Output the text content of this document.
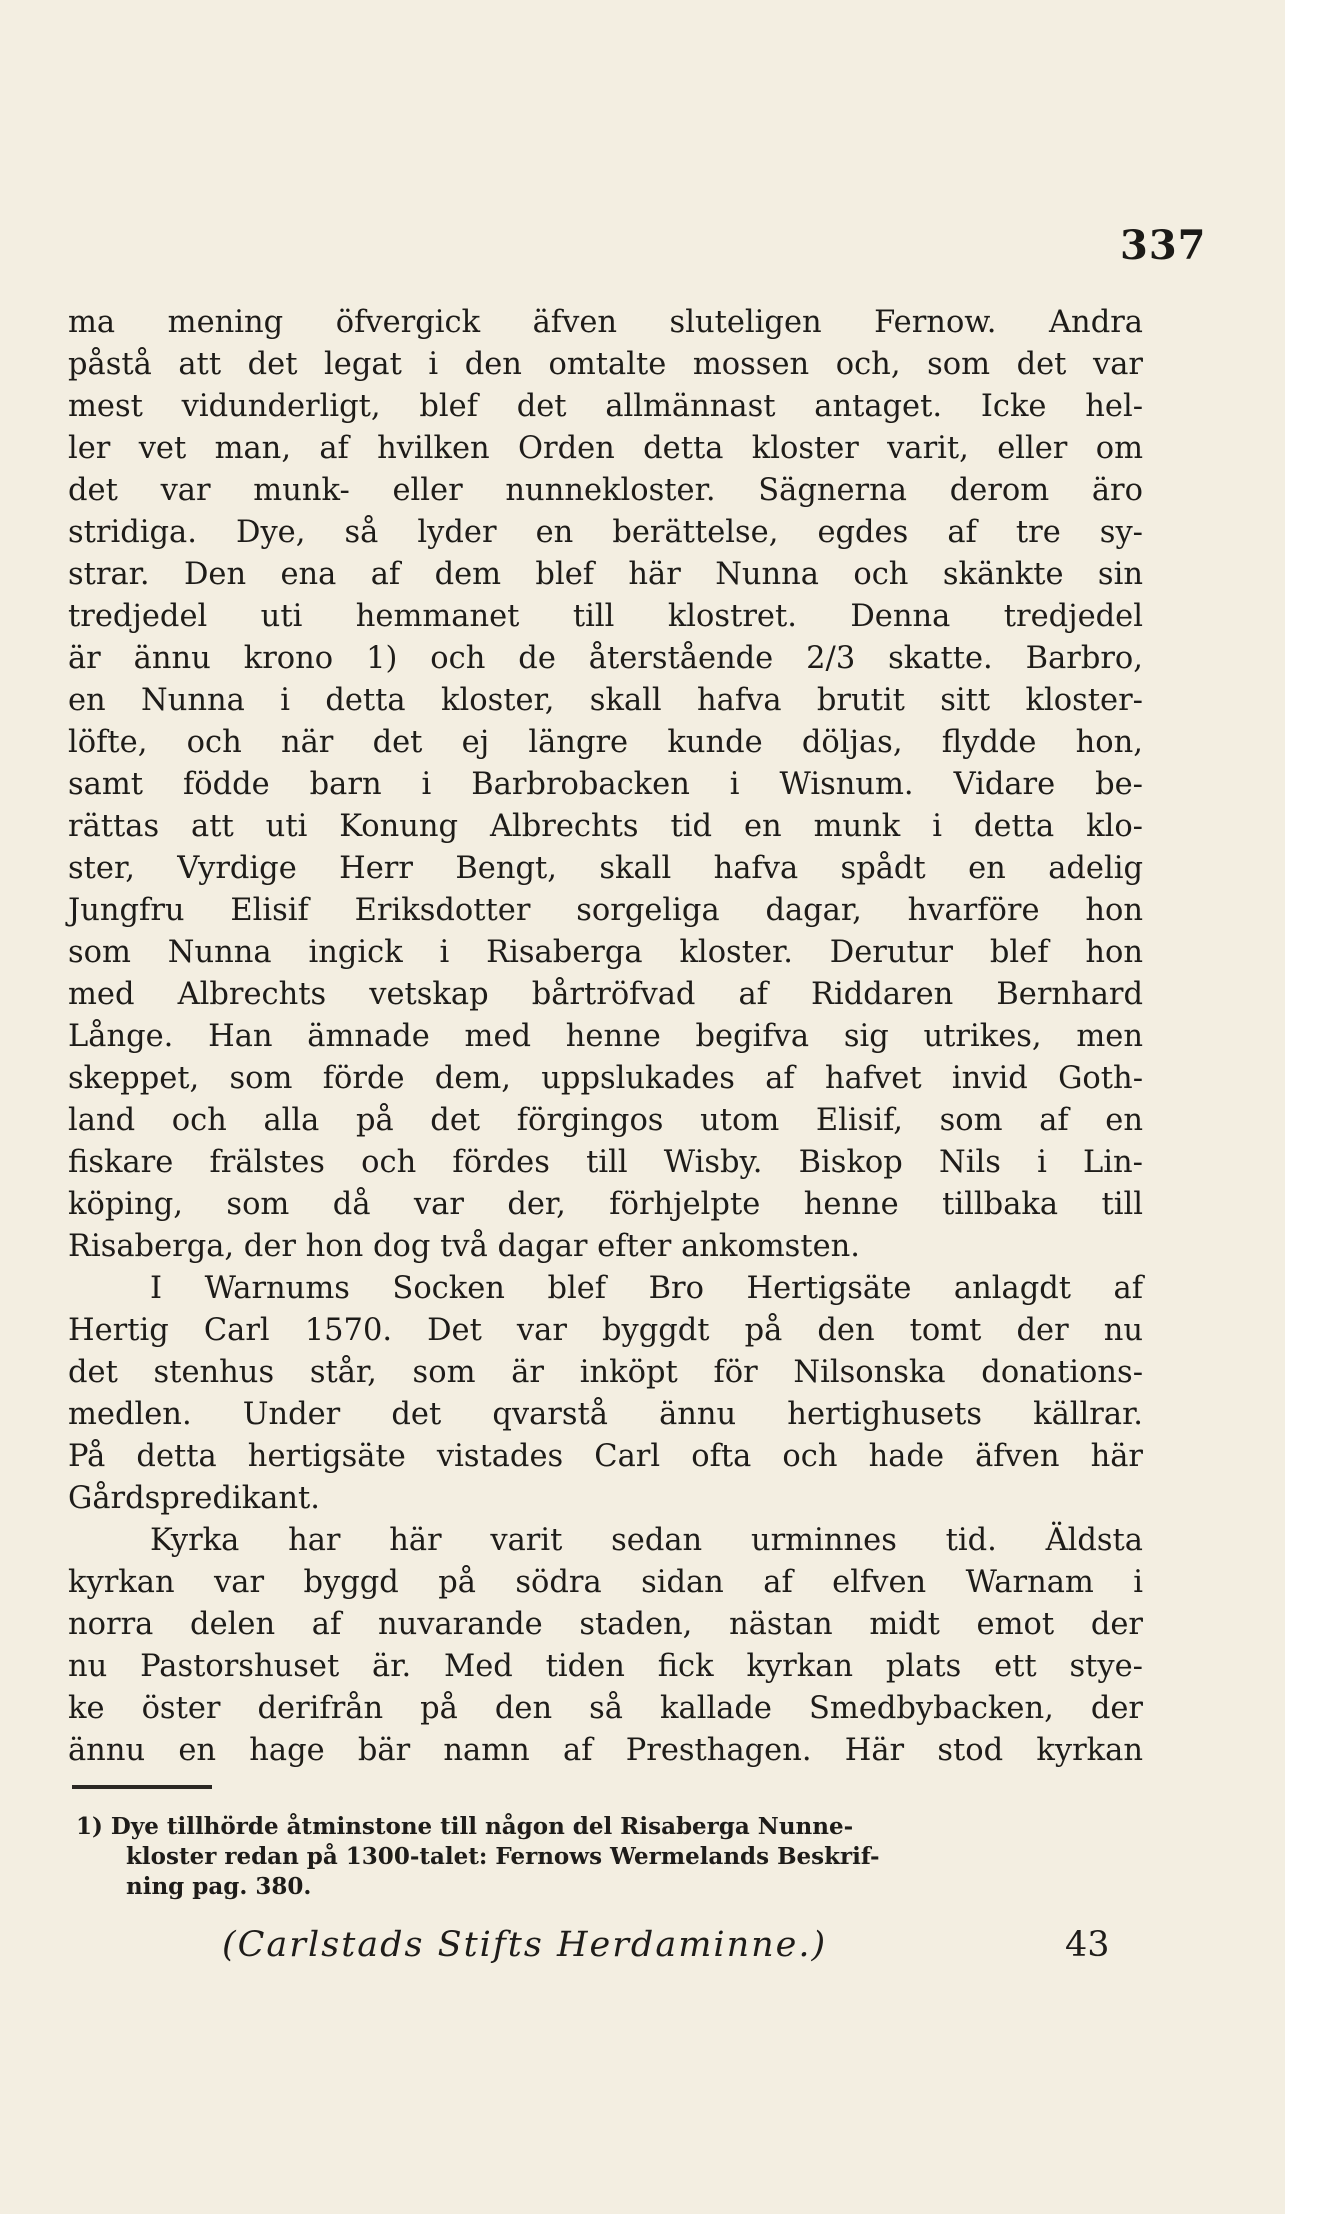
337
ma mening öfvergick äfven sluteligen Fernow. Andra
påstå att det legat i den omtalte mossen och, som det var
mest vidunderligt, blef det allmännast antaget. Icke hel-
ler vet man, af hvilken Orden detta kloster varit, eller om
det var munk- eller nunnekloster. Sägnerna derom äro
stridiga. Dye, så lyder en berättelse, egdes af tre sy-
strar. Den ena af dem blef här Nunna och skänkte sin
tredjedel uti hemmanet till klostret. Denna tredjedel
är ännu krono 1) och de återstående 2/3 skatte. Barbro,
en Nunna i detta kloster, skall hafva brutit sitt kloster-
löfte, och när det ej längre kunde döljas, flydde hon,
samt födde barn i Barbrobacken i Wisnum. Vidare be-
rättas att uti Konung Albrechts tid en munk i detta klo-
ster, Vyrdige Herr Bengt, skall hafva spådt en adelig
Jungfru Elisif Eriksdotter sorgeliga dagar, hvarföre hon
som Nunna ingick i Risaberga kloster. Derutur blef hon
med Albrechts vetskap bårtröfvad af Riddaren Bernhard
Långe. Han ämnade med henne begifva sig utrikes, men
skeppet, som förde dem, uppslukades af hafvet invid Goth-
land och alla på det förgingos utom Elisif, som af en
fiskare frälstes och fördes till Wisby. Biskop Nils i Lin-
köping, som då var der, förhjelpte henne tillbaka till
Risaberga, der hon dog två dagar efter ankomsten.
I Warnums Socken blef Bro Hertigsäte anlagdt af
Hertig Carl 1570. Det var byggdt på den tomt der nu
det stenhus står, som är inköpt för Nilsonska donations-
medlen. Under det qvarstå ännu hertighusets källrar.
På detta hertigsäte vistades Carl ofta och hade äfven här
Gårdspredikant.
Kyrka har här varit sedan urminnes tid. Äldsta
kyrkan var byggd på södra sidan af elfven Warnam i
norra delen af nuvarande staden, nästan midt emot der
nu Pastorshuset är. Med tiden fick kyrkan plats ett stye-
ke öster derifrån på den så kallade Smedbybacken, der
ännu en hage bär namn af Presthagen. Här stod kyrkan
1) Dye tillhörde åtminstone till någon del Risaberga Nunne-
kloster redan på 1300-talet: Fernows Wermelands Beskrif-
ning pag. 380.
(Carlstads Stifts Herdaminne.)	43
